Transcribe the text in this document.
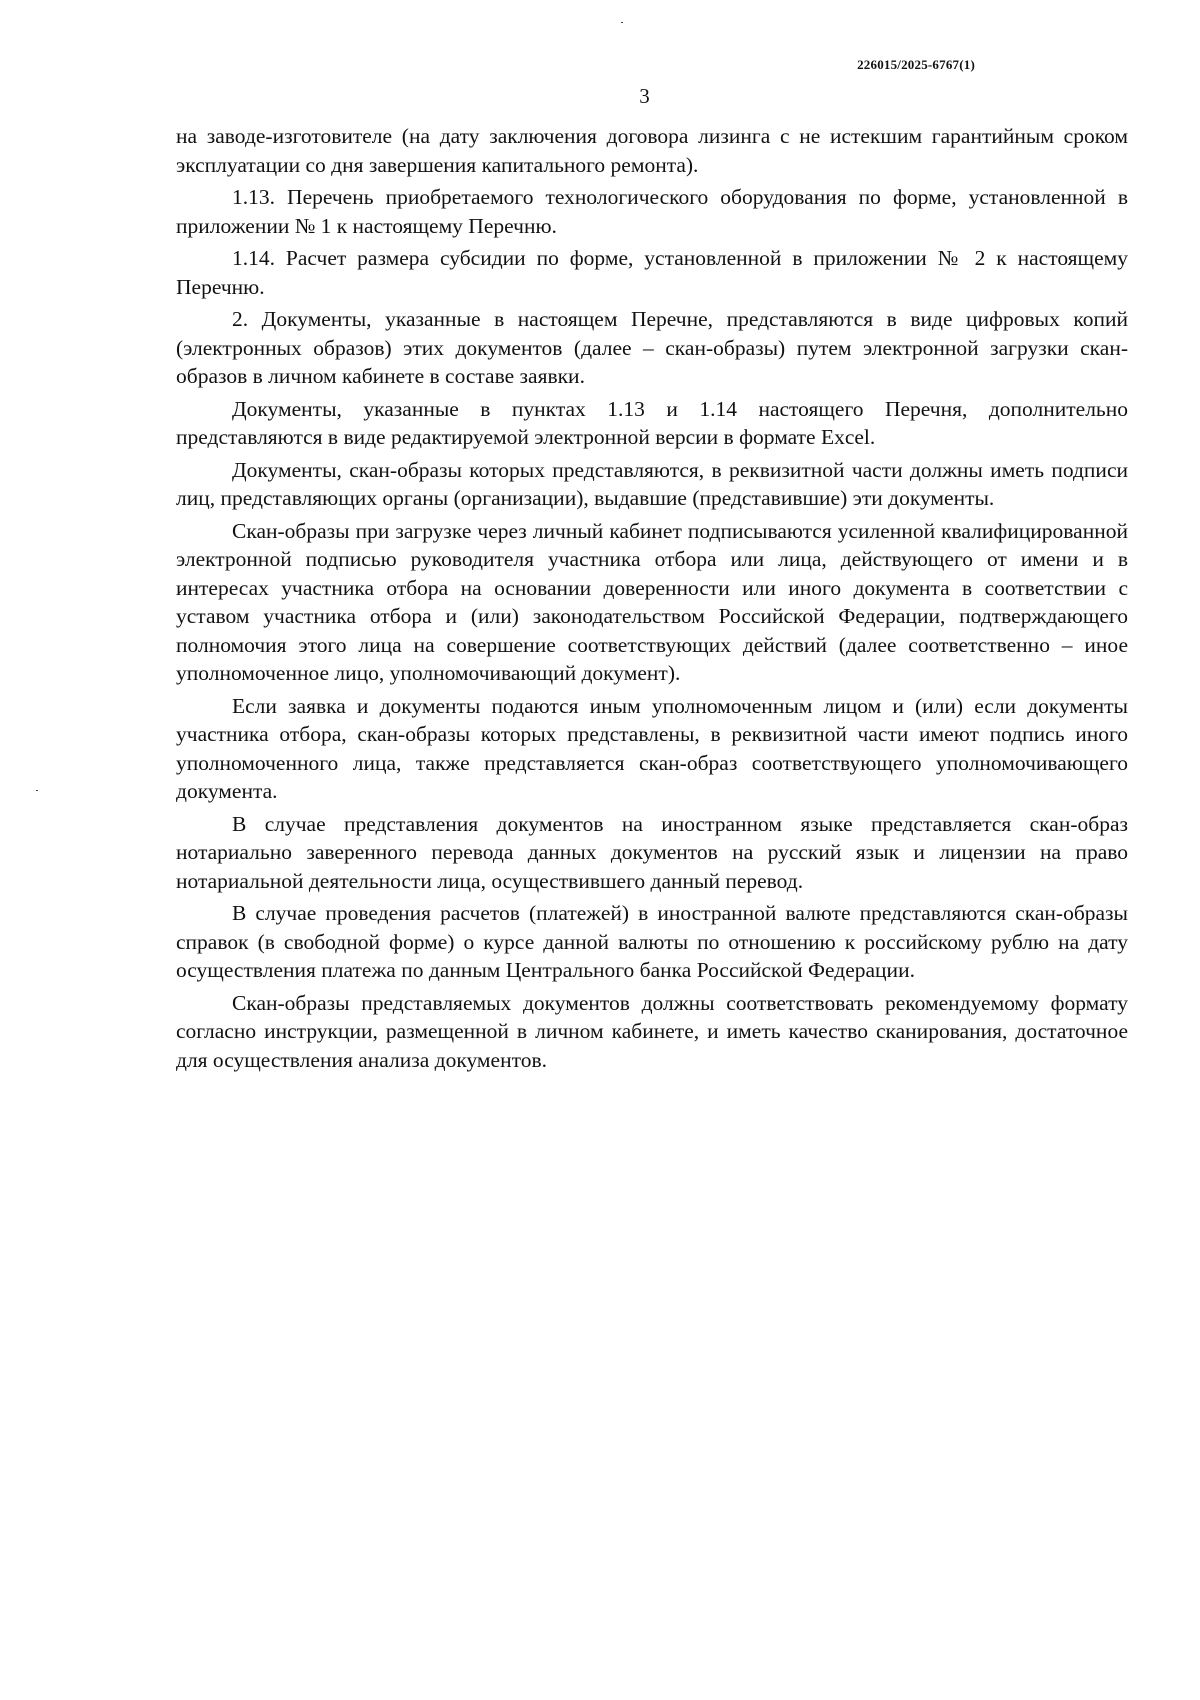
226015/2025-6767(1)
3

на заводе-изготовителе (на дату заключения договора лизинга с не истекшим гарантийным сроком эксплуатации со дня завершения капитального ремонта).

1.13. Перечень приобретаемого технологического оборудования по форме, установленной в приложении № 1 к настоящему Перечню.

1.14. Расчет размера субсидии по форме, установленной в приложении № 2 к настоящему Перечню.

2. Документы, указанные в настоящем Перечне, представляются в виде цифровых копий (электронных образов) этих документов (далее – скан-образы) путем электронной загрузки скан-образов в личном кабинете в составе заявки.

Документы, указанные в пунктах 1.13 и 1.14 настоящего Перечня, дополнительно представляются в виде редактируемой электронной версии в формате Excel.

Документы, скан-образы которых представляются, в реквизитной части должны иметь подписи лиц, представляющих органы (организации), выдавшие (представившие) эти документы.

Скан-образы при загрузке через личный кабинет подписываются усиленной квалифицированной электронной подписью руководителя участника отбора или лица, действующего от имени и в интересах участника отбора на основании доверенности или иного документа в соответствии с уставом участника отбора и (или) законодательством Российской Федерации, подтверждающего полномочия этого лица на совершение соответствующих действий (далее соответственно – иное уполномоченное лицо, уполномочивающий документ).

Если заявка и документы подаются иным уполномоченным лицом и (или) если документы участника отбора, скан-образы которых представлены, в реквизитной части имеют подпись иного уполномоченного лица, также представляется скан-образ соответствующего уполномочивающего документа.

В случае представления документов на иностранном языке представляется скан-образ нотариально заверенного перевода данных документов на русский язык и лицензии на право нотариальной деятельности лица, осуществившего данный перевод.

В случае проведения расчетов (платежей) в иностранной валюте представляются скан-образы справок (в свободной форме) о курсе данной валюты по отношению к российскому рублю на дату осуществления платежа по данным Центрального банка Российской Федерации.

Скан-образы представляемых документов должны соответствовать рекомендуемому формату согласно инструкции, размещенной в личном кабинете, и иметь качество сканирования, достаточное для осуществления анализа документов.
